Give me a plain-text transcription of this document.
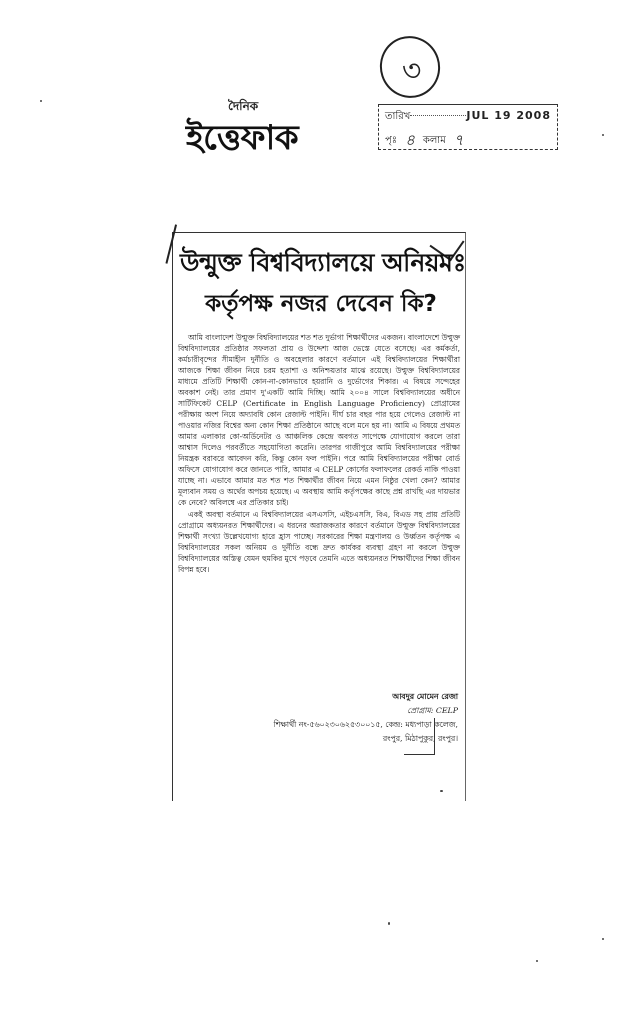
৩
দৈনিক
ইত্তেফাক
তারিখ	JUL 19 2008
পৃঃ ৪ কলাম ৭
উন্মুক্ত বিশ্ববিদ্যালয়ে অনিয়মঃ
কর্তৃপক্ষ নজর দেবেন কি?

আমি বাংলাদেশ উন্মুক্ত বিশ্ববিদ্যালয়ের শত শত দুর্ভাগা শিক্ষার্থীদের একজন। বাংলাদেশে উন্মুক্ত বিশ্ববিদ্যালয়ের প্রতিষ্ঠার সফলতা প্রায় ও উদ্দেশ্য আজ ভেস্তে যেতে বসেছে। এর কর্মকর্তা, কর্মচারীবৃন্দের সীমাহীন দুর্নীতি ও অবহেলার কারণে বর্তমানে এই বিশ্ববিদ্যালয়ের শিক্ষার্থীরা আজকে শিক্ষা জীবন নিয়ে চরম হতাশা ও অনিশ্চয়তার মাঝে রয়েছে। উন্মুক্ত বিশ্ববিদ্যালয়ের মাধ্যমে প্রতিটি শিক্ষার্থী কোন-না-কোনভাবে হয়রানি ও দুর্ভোগের শিকার। এ বিষয়ে সন্দেহের অবকাশ নেই। তার প্রমাণ দু'একটি আমি দিচ্ছি। আমি ২০০৪ সালে বিশ্ববিদ্যালয়ের অধীনে সার্টিফিকেট CELP (Certificate in English Language Proficiency) প্রোগ্রামের পরীক্ষায় অংশ নিয়ে অদ্যাবধি কোন রেজাল্ট পাইনি। দীর্ঘ চার বছর পার হয়ে গেলেও রেজাল্ট না পাওয়ার নজির বিশ্বের অন্য কোন শিক্ষা প্রতিষ্ঠানে আছে বলে মনে হয় না। আমি এ বিষয়ে প্রথমত আমার এলাকার কো-অর্ডিনেটর ও আঞ্চলিক কেন্দ্রে অবগত সাপেক্ষে যোগাযোগ করলে তারা আশ্বাস দিলেও পরবর্তীতে সহযোগিতা করেনি। তারপর গাজীপুরে আমি বিশ্ববিদ্যালয়ের পরীক্ষা নিয়ন্ত্রক বরাবরে আবেদন করি, কিন্তু কোন ফল পাইনি। পরে আমি বিশ্ববিদ্যালয়ের পরীক্ষা বোর্ড অফিসে যোগাযোগ করে জানতে পারি, আমার এ CELP কোর্সের ফলাফলের রেকর্ড নাকি পাওয়া যাচ্ছে না। এভাবে আমার মত শত শত শিক্ষার্থীর জীবন নিয়ে এমন নিষ্ঠুর খেলা কেন? আমার মূল্যবান সময় ও অর্থের অপচয় হয়েছে। এ অবস্থায় আমি কর্তৃপক্ষের কাছে প্রশ্ন রাখছি এর দায়ভার কে নেবে? অবিলম্বে এর প্রতিকার চাই।

একই অবস্থা বর্তমানে এ বিশ্ববিদ্যালয়ের এসএসসি, এইচএসসি, বিএ, বিএড সহ প্রায় প্রতিটি প্রোগ্রামে অধ্যয়নরত শিক্ষার্থীদের। এ ধরনের অরাজকতার কারণে বর্তমানে উন্মুক্ত বিশ্ববিদ্যালয়ের শিক্ষার্থী সংখ্যা উল্লেখযোগ্য হারে হ্রাস পাচ্ছে। সরকারের শিক্ষা মন্ত্রণালয় ও উর্ধ্বতন কর্তৃপক্ষ এ বিশ্ববিদ্যালয়ের সকল অনিয়ম ও দুর্নীতি বন্ধে দ্রুত কার্যকর ব্যবস্থা গ্রহণ না করলে উন্মুক্ত বিশ্ববিদ্যালয়ের অস্তিত্ব যেমন হুমকির মুখে পড়বে তেমনি এতে অধ্যয়নরত শিক্ষার্থীদের শিক্ষা জীবন বিপন্ন হবে।

আবদুর মোমেন রেজা
প্রোগ্রাম: CELP
শিক্ষার্থী নং-৫৬০২৩০৬২৫৩০০১৫, কেন্দ্র: মধ্যপাড়া কলেজ,
রংপুর, মিঠাপুকুর, রংপুর।
